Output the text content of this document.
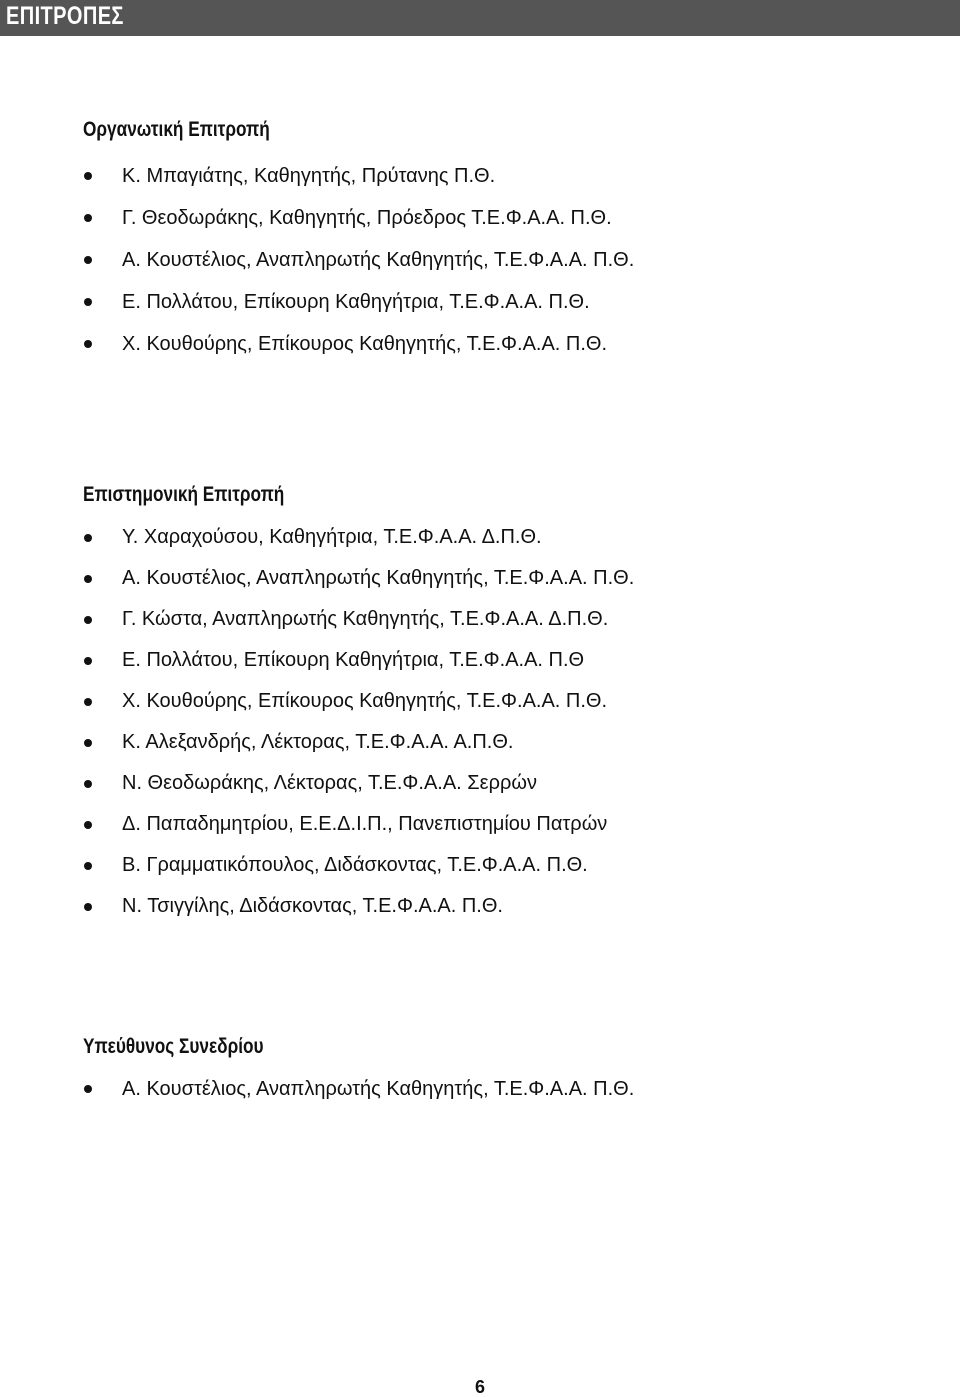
ΕΠΙΤΡΟΠΕΣ
Οργανωτική Επιτροπή
Κ. Μπαγιάτης, Καθηγητής, Πρύτανης Π.Θ.
Γ. Θεοδωράκης, Καθηγητής, Πρόεδρος Τ.Ε.Φ.Α.Α. Π.Θ.
Α. Κουστέλιος, Αναπληρωτής Καθηγητής, Τ.Ε.Φ.Α.Α. Π.Θ.
Ε. Πολλάτου, Επίκουρη Καθηγήτρια, Τ.Ε.Φ.Α.Α. Π.Θ.
Χ. Κουθούρης, Επίκουρος Καθηγητής, Τ.Ε.Φ.Α.Α. Π.Θ.
Επιστημονική Επιτροπή
Υ. Χαραχούσου, Καθηγήτρια, Τ.Ε.Φ.Α.Α. Δ.Π.Θ.
Α. Κουστέλιος, Αναπληρωτής Καθηγητής, Τ.Ε.Φ.Α.Α. Π.Θ.
Γ. Κώστα, Αναπληρωτής Καθηγητής, Τ.Ε.Φ.Α.Α. Δ.Π.Θ.
Ε. Πολλάτου, Επίκουρη Καθηγήτρια, Τ.Ε.Φ.Α.Α. Π.Θ
Χ. Κουθούρης, Επίκουρος Καθηγητής, Τ.Ε.Φ.Α.Α. Π.Θ.
Κ. Αλεξανδρής, Λέκτορας, Τ.Ε.Φ.Α.Α. Α.Π.Θ.
Ν. Θεοδωράκης, Λέκτορας, Τ.Ε.Φ.Α.Α. Σερρών
Δ. Παπαδημητρίου, Ε.Ε.Δ.Ι.Π., Πανεπιστημίου Πατρών
Β. Γραμματικόπουλος, Διδάσκοντας, Τ.Ε.Φ.Α.Α. Π.Θ.
Ν. Τσιγγίλης, Διδάσκοντας, Τ.Ε.Φ.Α.Α. Π.Θ.
Υπεύθυνος Συνεδρίου
Α. Κουστέλιος, Αναπληρωτής Καθηγητής, Τ.Ε.Φ.Α.Α. Π.Θ.
6
